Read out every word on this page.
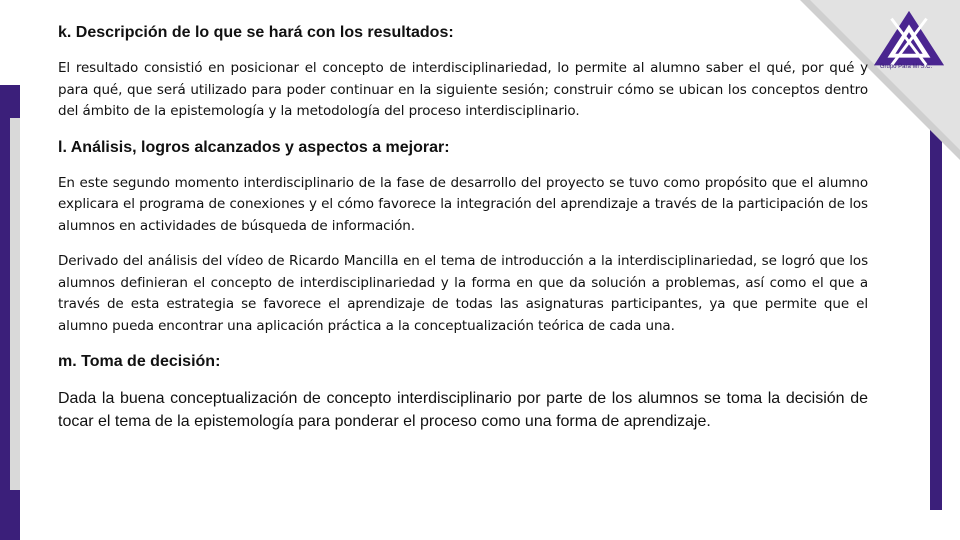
Grupo Para Mi S.C.
k. Descripción de lo que se hará con los resultados:

El resultado consistió en posicionar el concepto de interdisciplinariedad, lo permite al alumno saber el qué, por qué y para qué, que será utilizado para poder continuar en la siguiente sesión; construir cómo se ubican los conceptos dentro del ámbito de la epistemología y la metodología del proceso interdisciplinario.

l. Análisis, logros alcanzados y aspectos a mejorar:

En este segundo momento interdisciplinario de la fase de desarrollo del proyecto se tuvo como propósito que el alumno explicara el programa de conexiones y el cómo favorece la integración del aprendizaje a través de la participación de los alumnos en actividades de búsqueda de información.

Derivado del análisis del vídeo de Ricardo Mancilla en el tema de introducción a la interdisciplinariedad, se logró que los alumnos definieran el concepto de interdisciplinariedad y la forma en que da solución a problemas, así como el que a través de esta estrategia se favorece el aprendizaje de todas las asignaturas participantes, ya que permite que el alumno pueda encontrar una aplicación práctica a la conceptualización teórica de cada una.

m. Toma de decisión:

Dada la buena conceptualización de concepto interdisciplinario por parte de los alumnos se toma la decisión de tocar el tema de la epistemología para ponderar el proceso como una forma de aprendizaje.
